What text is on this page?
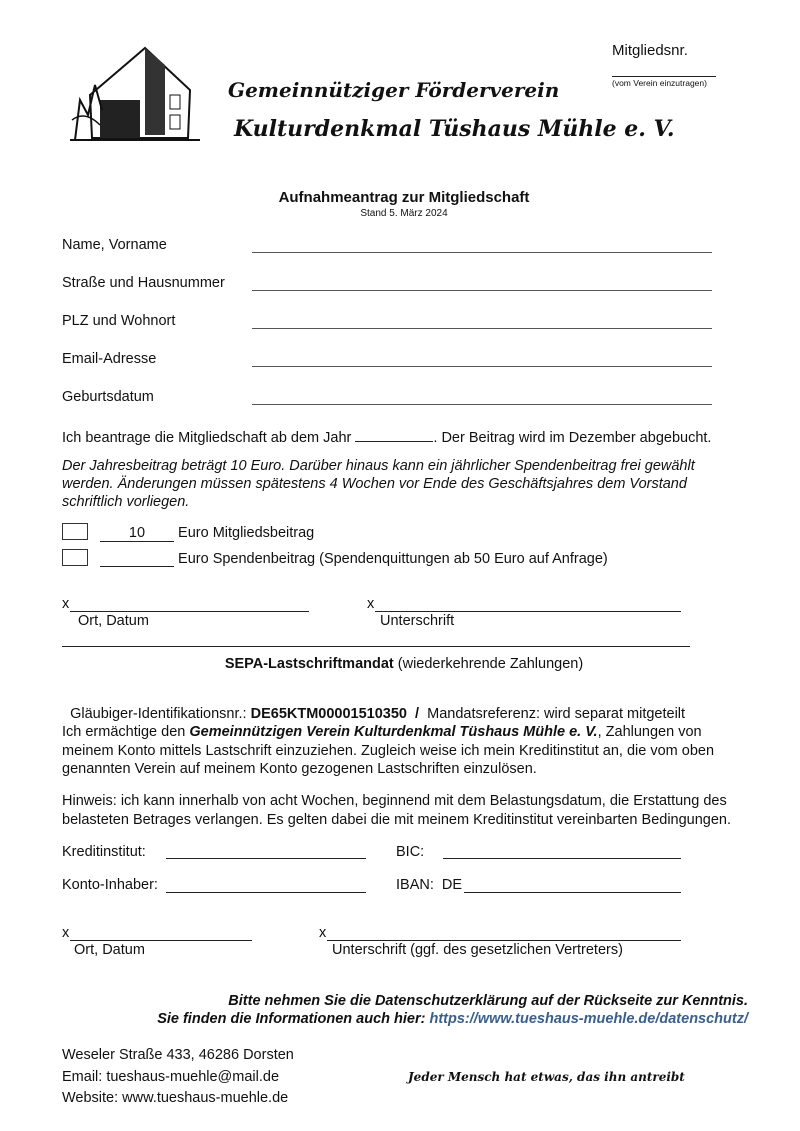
Gemeinnütziger Förderverein
Kulturdenkmal Tüshaus Mühle e. V.
Mitgliedsnr.
(vom Verein einzutragen)
Aufnahmeantrag zur Mitgliedschaft
Stand 5. März 2024
Name, Vorname
Straße und Hausnummer
PLZ und Wohnort
Email-Adresse
Geburtsdatum
Ich beantrage die Mitgliedschaft ab dem Jahr	. Der Beitrag wird im Dezember abgebucht.
Der Jahresbeitrag beträgt 10 Euro. Darüber hinaus kann ein jährlicher Spendenbeitrag frei gewählt werden. Änderungen müssen spätestens 4 Wochen vor Ende des Geschäftsjahres dem Vorstand schriftlich vorliegen.
10 Euro Mitgliedsbeitrag
Euro Spendenbeitrag (Spendenquittungen ab 50 Euro auf Anfrage)
x
Ort, Datum
x
Unterschrift
SEPA-Lastschriftmandat (wiederkehrende Zahlungen)

Gläubiger-Identifikationsnr.: DE65KTM00001510350  /  Mandatsreferenz: wird separat mitgeteilt

Ich ermächtige den Gemeinnützigen Verein Kulturdenkmal Tüshaus Mühle e. V., Zahlungen von meinem Konto mittels Lastschrift einzuziehen. Zugleich weise ich mein Kreditinstitut an, die vom oben genannten Verein auf meinem Konto gezogenen Lastschriften einzulösen.
Hinweis: ich kann innerhalb von acht Wochen, beginnend mit dem Belastungsdatum, die Erstattung des belasteten Betrages verlangen. Es gelten dabei die mit meinem Kreditinstitut vereinbarten Bedingungen.
Kreditinstitut:	BIC:
Konto-Inhaber:	IBAN:  DE
x
Ort, Datum
x
Unterschrift (ggf. des gesetzlichen Vertreters)
Bitte nehmen Sie die Datenschutzerklärung auf der Rückseite zur Kenntnis.
Sie finden die Informationen auch hier: https://www.tueshaus-muehle.de/datenschutz/
Weseler Straße 433, 46286 Dorsten
Email: tueshaus-muehle@mail.de
Website: www.tueshaus-muehle.de
Jeder Mensch hat etwas, das ihn antreibt
